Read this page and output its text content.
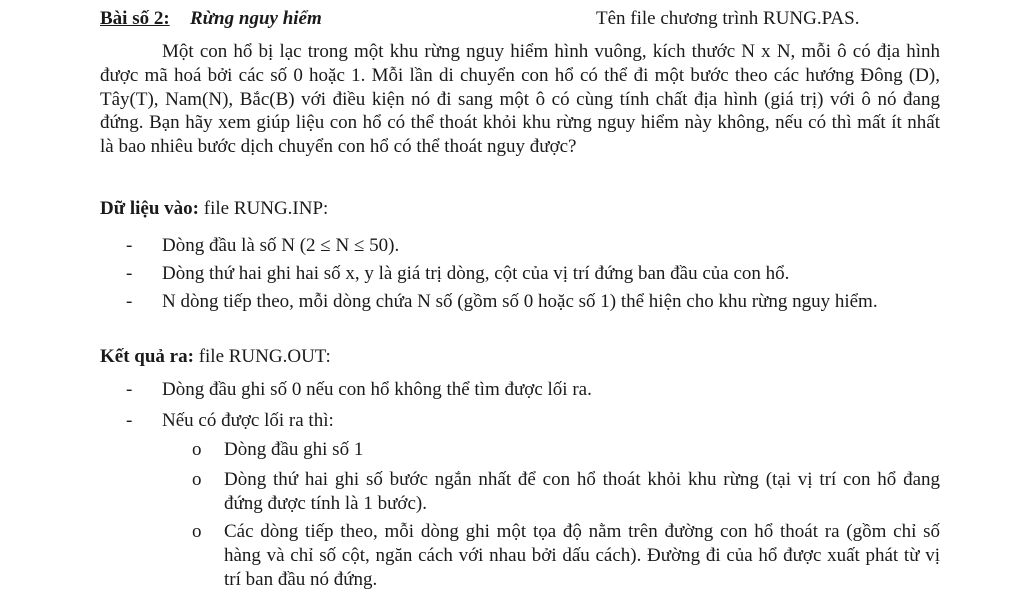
Bài số 2: Rừng nguy hiểm	Tên file chương trình RUNG.PAS.

Một con hổ bị lạc trong một khu rừng nguy hiểm hình vuông, kích thước N x N, mỗi ô có địa hình được mã hoá bởi các số 0 hoặc 1. Mỗi lần di chuyển con hổ có thể đi một bước theo các hướng Đông (D), Tây(T), Nam(N), Bắc(B) với điều kiện nó đi sang một ô có cùng tính chất địa hình (giá trị) với ô nó đang đứng. Bạn hãy xem giúp liệu con hổ có thể thoát khỏi khu rừng nguy hiểm này không, nếu có thì mất ít nhất là bao nhiêu bước dịch chuyển con hổ có thể thoát nguy được?

Dữ liệu vào: file RUNG.INP:
- Dòng đầu là số N (2 ≤ N ≤ 50).
- Dòng thứ hai ghi hai số x, y là giá trị dòng, cột của vị trí đứng ban đầu của con hổ.
- N dòng tiếp theo, mỗi dòng chứa N số (gồm số 0 hoặc số 1) thể hiện cho khu rừng nguy hiểm.
Kết quả ra: file RUNG.OUT:
- Dòng đầu ghi số 0 nếu con hổ không thể tìm được lối ra.
- Nếu có được lối ra thì:
o Dòng đầu ghi số 1
o Dòng thứ hai ghi số bước ngắn nhất để con hổ thoát khỏi khu rừng (tại vị trí con hổ đang đứng được tính là 1 bước).
o Các dòng tiếp theo, mỗi dòng ghi một tọa độ nằm trên đường con hổ thoát ra (gồm chỉ số hàng và chỉ số cột, ngăn cách với nhau bởi dấu cách). Đường đi của hổ được xuất phát từ vị trí ban đầu nó đứng.
